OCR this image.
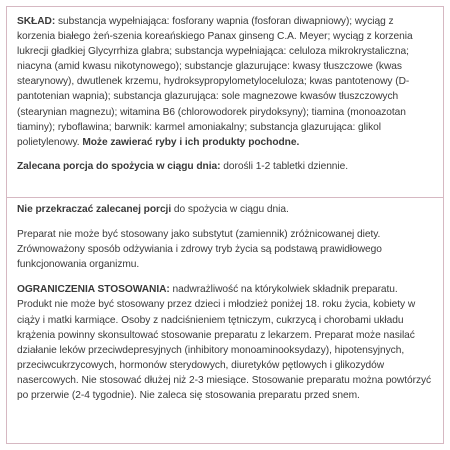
SKŁAD: substancja wypełniająca: fosforany wapnia (fosforan diwapniowy); wyciąg z korzenia białego żeń-szenia koreańskiego Panax ginseng C.A. Meyer; wyciąg z korzenia lukrecji gładkiej Glycyrrhiza glabra; substancja wypełniająca: celuloza mikrokrystaliczna; niacyna (amid kwasu nikotynowego); substancje glazurujące: kwasy tłuszczowe (kwas stearynowy), dwutlenek krzemu, hydroksypropylometyloceluloza; kwas pantotenowy (D-pantotenian wapnia); substancja glazurująca: sole magnezowe kwasów tłuszczowych (stearynian magnezu); witamina B6 (chlorowodorek pirydoksyny); tiamina (monoazotan tiaminy); ryboflawina; barwnik: karmel amoniakalny; substancja glazurująca: glikol polietylenowy. Może zawierać ryby i ich produkty pochodne.

Zalecana porcja do spożycia w ciągu dnia: dorośli 1-2 tabletki dziennie.

Nie przekraczać zalecanej porcji do spożycia w ciągu dnia.

Preparat nie może być stosowany jako substytut (zamiennik) zróżnicowanej diety. Zrównoważony sposób odżywiania i zdrowy tryb życia są podstawą prawidłowego funkcjonowania organizmu.

OGRANICZENIA STOSOWANIA: nadwrażliwość na którykolwiek składnik preparatu. Produkt nie może być stosowany przez dzieci i młodzież poniżej 18. roku życia, kobiety w ciąży i matki karmiące. Osoby z nadciśnieniem tętniczym, cukrzycą i chorobami układu krążenia powinny skonsultować stosowanie preparatu z lekarzem. Preparat może nasilać działanie leków przeciwdepresyjnych (inhibitory monoaminooksydazy), hipotensyjnych, przeciwcukrzycowych, hormonów sterydowych, diuretyków pętlowych i glikozydów nasercowych. Nie stosować dłużej niż 2-3 miesiące. Stosowanie preparatu można powtórzyć po przerwie (2-4 tygodnie). Nie zaleca się stosowania preparatu przed snem.
